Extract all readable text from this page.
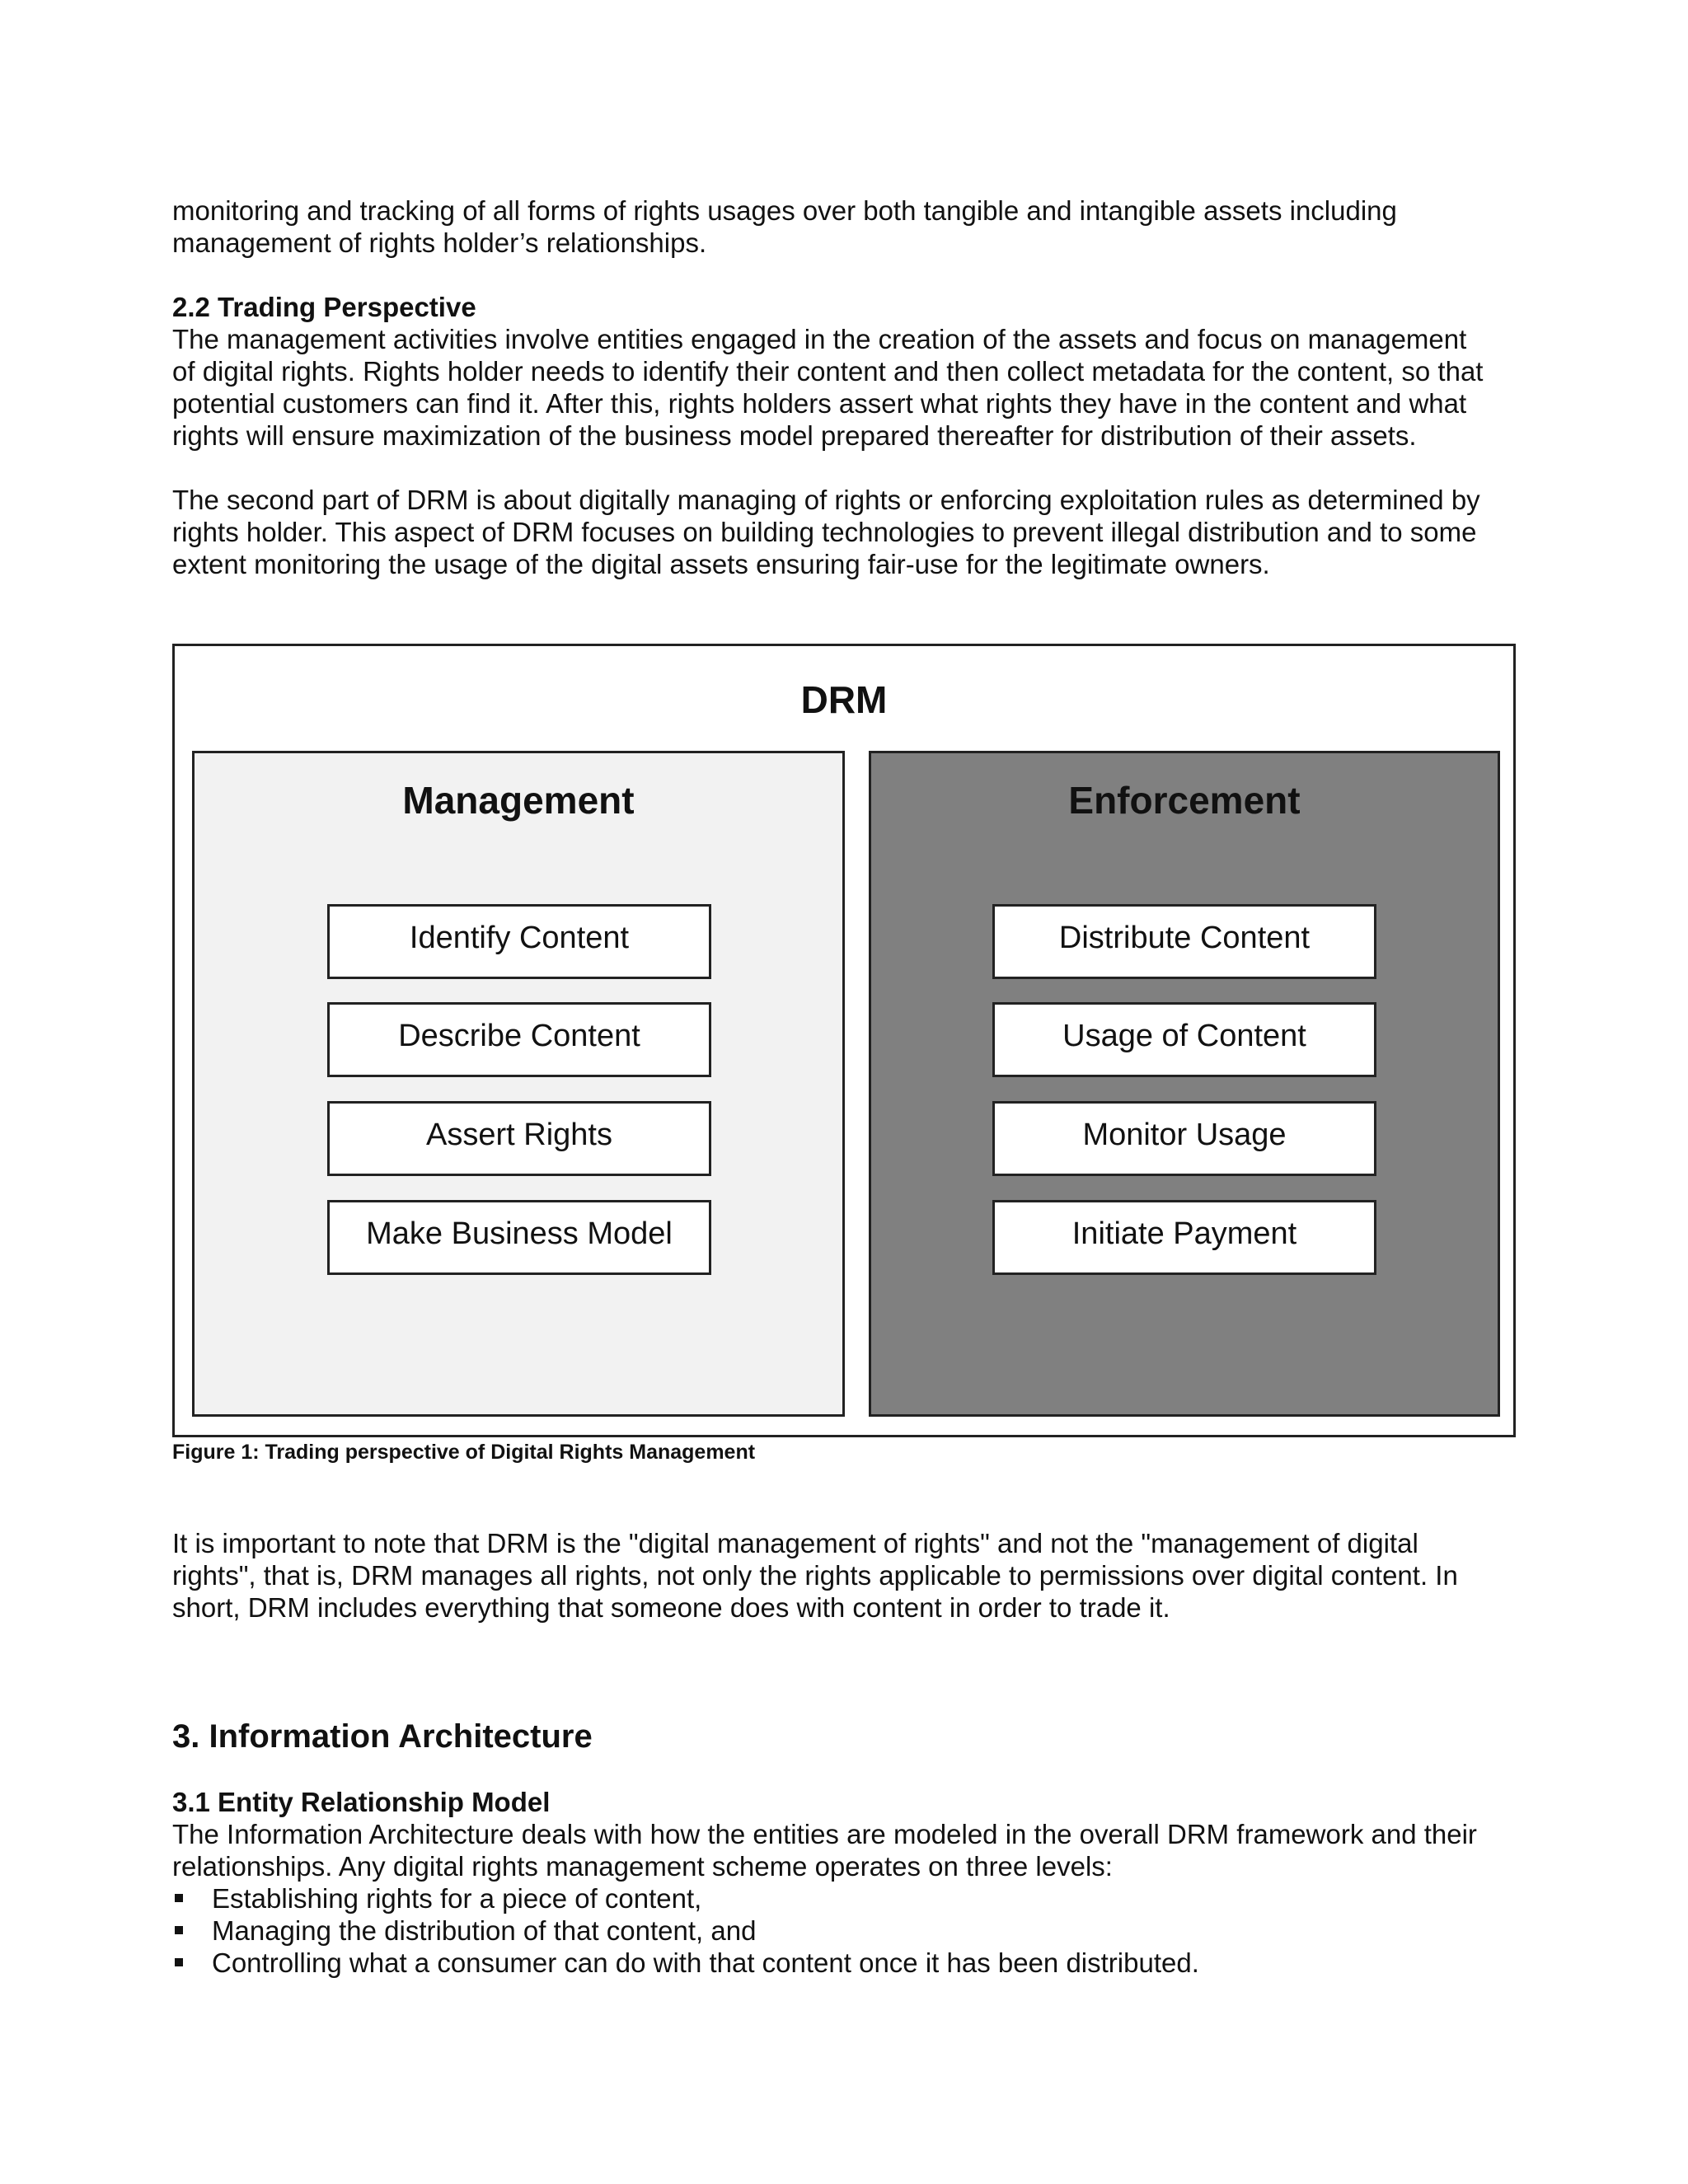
monitoring and tracking of all forms of rights usages over both tangible and intangible assets including

management of rights holder’s relationships.

2.2 Trading Perspective

The management activities involve entities engaged in the creation of the assets and focus on management

of digital rights. Rights holder needs to identify their content and then collect metadata for the content, so that

potential customers can find it. After this, rights holders assert what rights they have in the content and what

rights will ensure maximization of the business model prepared thereafter for distribution of their assets.

The second part of DRM is about digitally managing of rights or enforcing exploitation rules as determined by

rights holder. This aspect of DRM focuses on building technologies to prevent illegal distribution and to some

extent monitoring the usage of the digital assets ensuring fair-use for the legitimate owners.

DRM
Management
Identify Content
Describe Content
Assert Rights
Make Business Model
Enforcement
Distribute Content
Usage of Content
Monitor Usage
Initiate Payment
Figure 1: Trading perspective of Digital Rights Management

It is important to note that DRM is the "digital management of rights" and not the "management of digital

rights", that is, DRM manages all rights, not only the rights applicable to permissions over digital content. In

short, DRM includes everything that someone does with content in order to trade it.

3. Information Architecture

3.1 Entity Relationship Model

The Information Architecture deals with how the entities are modeled in the overall DRM framework and their

relationships. Any digital rights management scheme operates on three levels:

Establishing rights for a piece of content,
Managing the distribution of that content, and
Controlling what a consumer can do with that content once it has been distributed.
